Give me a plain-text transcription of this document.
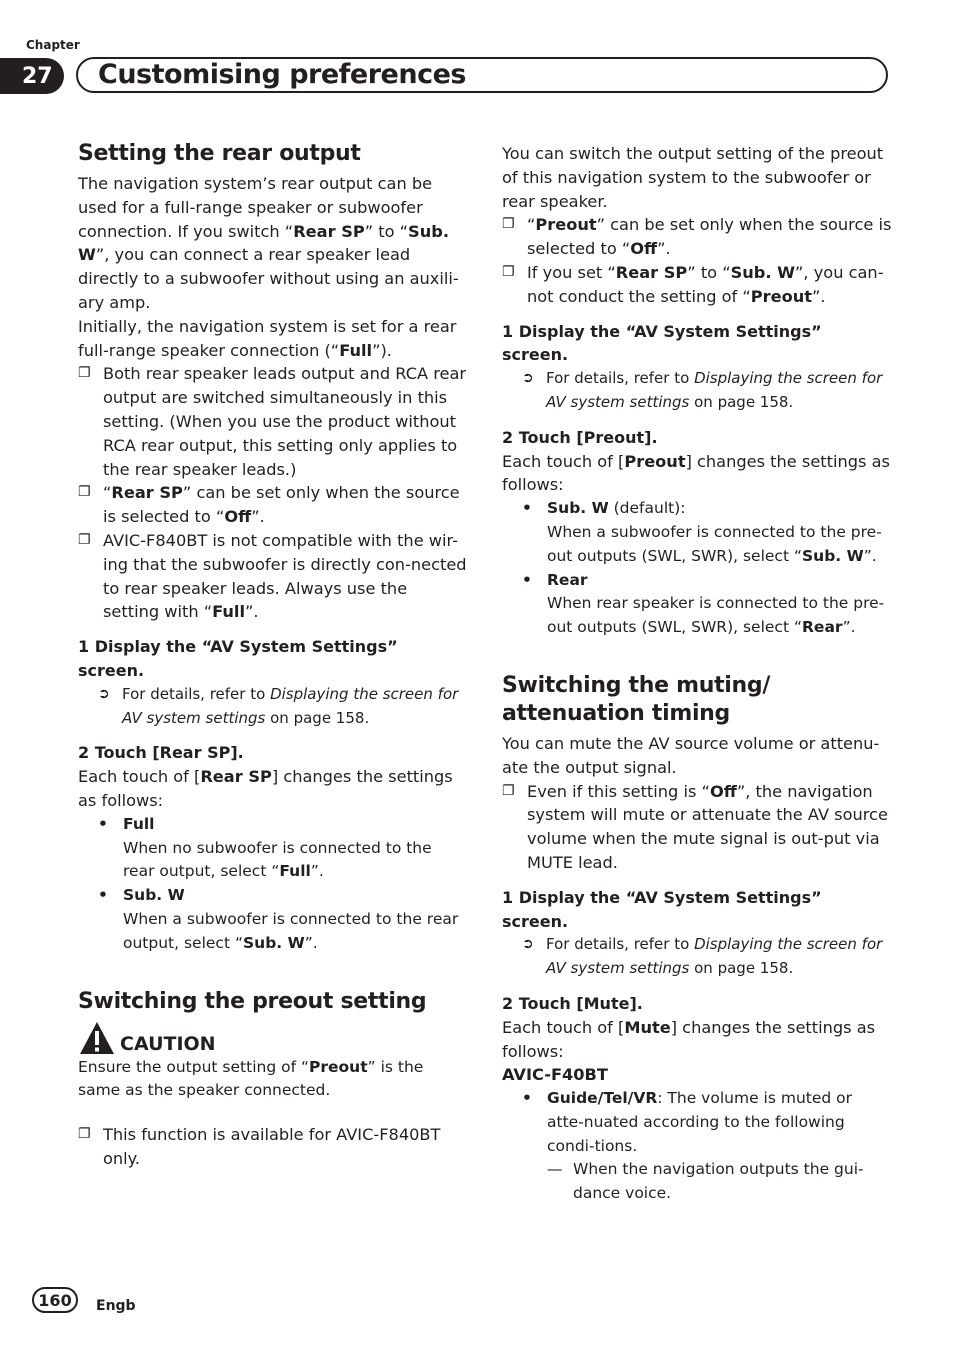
Chapter
27	Customising preferences
Setting the rear output

The navigation system’s rear output can be used for a full-range speaker or subwoofer connection. If you switch “Rear SP” to “Sub. W”, you can connect a rear speaker lead directly to a subwoofer without using an auxili-ary amp.

Initially, the navigation system is set for a rear full-range speaker connection (“Full”).

❐ Both rear speaker leads output and RCA rear output are switched simultaneously in this setting. (When you use the product without RCA rear output, this setting only applies to the rear speaker leads.)

❐ “Rear SP” can be set only when the source is selected to “Off”.

❐ AVIC-F840BT is not compatible with the wir-ing that the subwoofer is directly con-nected to rear speaker leads. Always use the setting with “Full”.

1 Display the “AV System Settings” screen.

➲ For details, refer to Displaying the screen for AV system settings on page 158.

2 Touch [Rear SP].

Each touch of [Rear SP] changes the settings as follows:

• Full

When no subwoofer is connected to the rear output, select “Full”.

• Sub. W

When a subwoofer is connected to the rear output, select “Sub. W”.

Switching the preout setting
CAUTION

Ensure the output setting of “Preout” is the same as the speaker connected.

❐ This function is available for AVIC-F840BT only.

You can switch the output setting of the preout of this navigation system to the subwoofer or rear speaker.

❐ “Preout” can be set only when the source is selected to “Off”.

❐ If you set “Rear SP” to “Sub. W”, you can-not conduct the setting of “Preout”.

1 Display the “AV System Settings” screen.

➲ For details, refer to Displaying the screen for AV system settings on page 158.

2 Touch [Preout].

Each touch of [Preout] changes the settings as follows:

• Sub. W (default):

When a subwoofer is connected to the pre-out outputs (SWL, SWR), select “Sub. W”.

• Rear

When rear speaker is connected to the pre-out outputs (SWL, SWR), select “Rear”.

Switching the muting/
attenuation timing

You can mute the AV source volume or attenu-ate the output signal.

❐ Even if this setting is “Off”, the navigation system will mute or attenuate the AV source volume when the mute signal is out-put via MUTE lead.

1 Display the “AV System Settings” screen.

➲ For details, refer to Displaying the screen for AV system settings on page 158.

2 Touch [Mute].

Each touch of [Mute] changes the settings as follows:

AVIC-F40BT

• Guide/Tel/VR: The volume is muted or atte-nuated according to the following condi-tions.

— When the navigation outputs the gui-dance voice.

160	Engb
